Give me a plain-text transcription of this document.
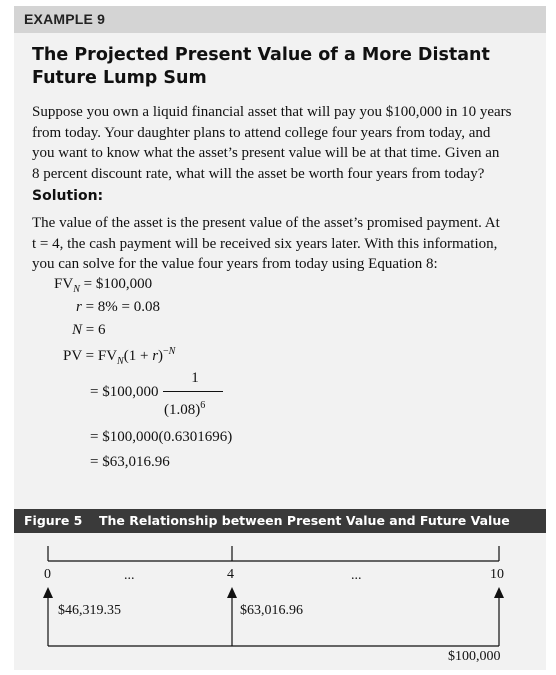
EXAMPLE 9
The Projected Present Value of a More Distant Future Lump Sum
Suppose you own a liquid financial asset that will pay you $100,000 in 10 years
from today. Your daughter plans to attend college four years from today, and
you want to know what the asset’s present value will be at that time. Given an
8 percent discount rate, what will the asset be worth four years from today?
Solution:
The value of the asset is the present value of the asset’s promised payment. At
t = 4, the cash payment will be received six years later. With this information,
you can solve for the value four years from today using Equation 8:
$FV_N$ = $100,000
r = 8% = 0.08
N = 6
PV = $FV_N(1 + r)^{-N}$
= $100,000
1
$(1.08)^6$
= $100,000(0.6301696)
= $63,016.96
Figure 5 The Relationship between Present Value and Future Value
0	4	10
...	...
$46,319.35	$63,016.96
$100,000
